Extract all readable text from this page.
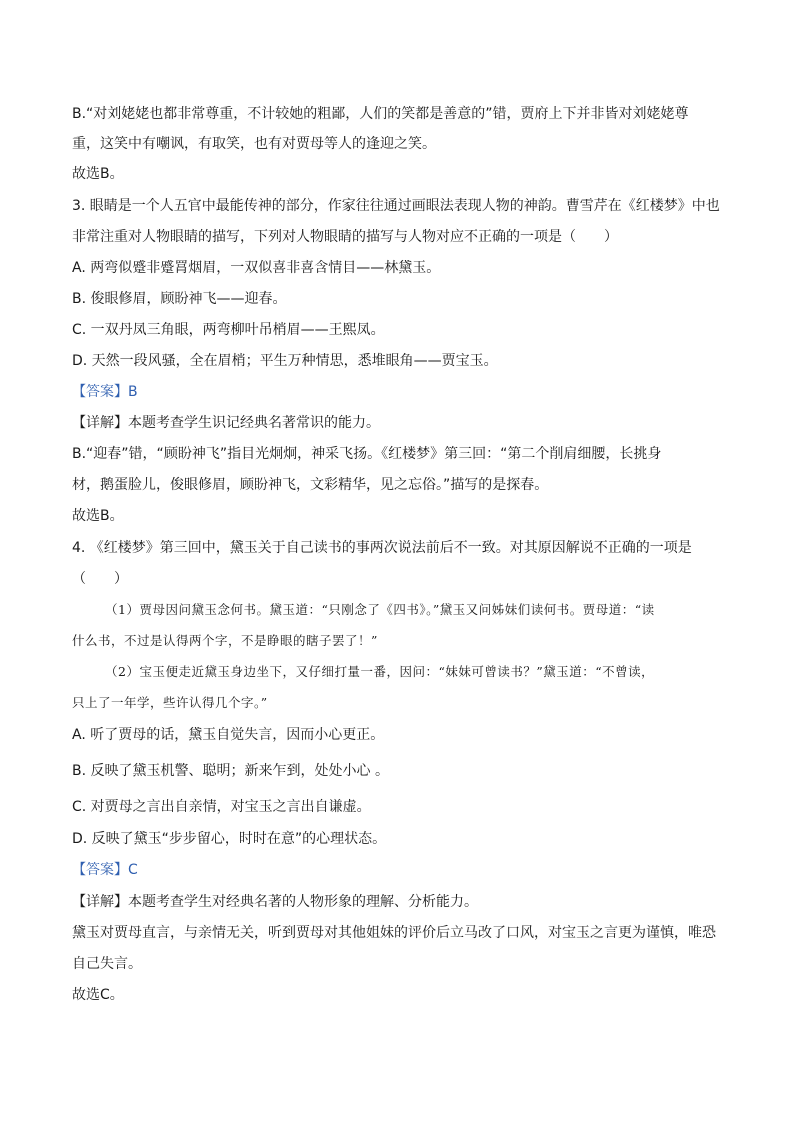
B.“对刘姥姥也都非常尊重，不计较她的粗鄙，人们的笑都是善意的”错，贾府上下并非皆对刘姥姥尊
重，这笑中有嘲讽，有取笑，也有对贾母等人的逢迎之笑。
故选B。
3. 眼睛是一个人五官中最能传神的部分，作家往往通过画眼法表现人物的神韵。曹雪芹在《红楼梦》中也
非常注重对人物眼睛的描写，下列对人物眼睛的描写与人物对应不正确的一项是（　　）
A. 两弯似蹙非蹙罥烟眉，一双似喜非喜含情目——林黛玉。
B. 俊眼修眉，顾盼神飞——迎春。
C. 一双丹凤三角眼，两弯柳叶吊梢眉——王熙凤。
D. 天然一段风骚，全在眉梢；平生万种情思，悉堆眼角——贾宝玉。
【答案】B
【详解】本题考查学生识记经典名著常识的能力。
B.“迎春”错，“顾盼神飞”指目光炯炯，神采飞扬。《红楼梦》第三回：“第二个削肩细腰，长挑身
材，鹅蛋脸儿，俊眼修眉，顾盼神飞，文彩精华，见之忘俗。”描写的是探春。
故选B。
4. 《红楼梦》第三回中，黛玉关于自己读书的事两次说法前后不一致。对其原因解说不正确的一项是
（　　）
（1）贾母因问黛玉念何书。黛玉道：“只刚念了《四书》。”黛玉又问姊妹们读何书。贾母道：“读
什么书，不过是认得两个字，不是睁眼的瞎子罢了！”
（2）宝玉便走近黛玉身边坐下，又仔细打量一番，因问：“妹妹可曾读书？”黛玉道：“不曾读，
只上了一年学，些许认得几个字。”
A. 听了贾母的话，黛玉自觉失言，因而小心更正。
B. 反映了黛玉机警、聪明；新来乍到，处处小心 。
C. 对贾母之言出自亲情，对宝玉之言出自谦虚。
D. 反映了黛玉“步步留心，时时在意”的心理状态。
【答案】C
【详解】本题考查学生对经典名著的人物形象的理解、分析能力。
黛玉对贾母直言，与亲情无关，听到贾母对其他姐妹的评价后立马改了口风，对宝玉之言更为谨慎，唯恐
自己失言。
故选C。
